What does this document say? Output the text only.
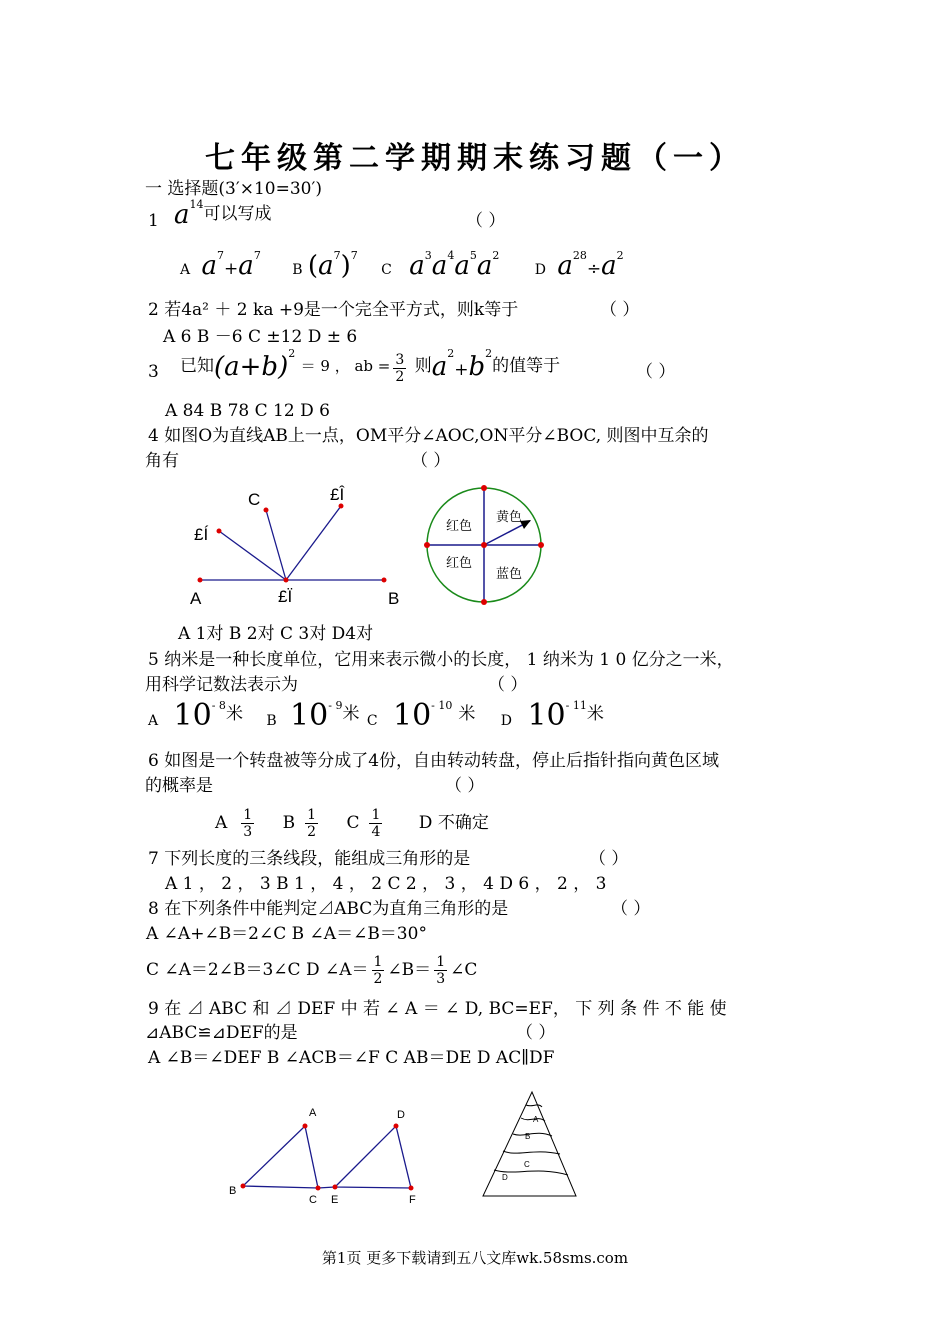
七年级第二学期期末练习题（一）
一 选择题(3′×10=30′)
1 $a^{14}$可以写成	（ ）
A $a^7+a^7$ B $(a^7)^7$ C $a^3a^4a^5a^2$ D $a^{28}\div a^2$
2 若4a² ＋ 2 ka +9是一个完全平方式，则k等于	（ ）
A 6 B －6 C ±12 D ± 6
3 已知$(a+b)^2 = 9$ ， ab = $\frac{3}{2}$ 则$a^2+b^2$的值等于	（ ）
A 84 B 78 C 12 D 6
4 如图O为直线AB上一点，OM平分∠AOC,ON平分∠BOC, 则图中互余的
角有	（ ）
C	£Î
£Í
A	£Ï	B
红色
黄色
红色
蓝色
A 1对 B 2对 C 3对 D4对
5 纳米是一种长度单位，它用来表示微小的长度， 1 纳米为 1 0 亿分之一米，
用科学记数法表示为	（ ）
A $10^{- 8}$米 B $10^{- 9}$米 C $10^{- 10}$ 米 D $10^{- 11}$米
6 如图是一个转盘被等分成了4份，自由转动转盘，停止后指针指向黄色区域
的概率是	（ ）
A $\frac{1}{3}$ B $\frac{1}{2}$ C $\frac{1}{4}$ D 不确定
7 下列长度的三条线段，能组成三角形的是	（ ）
A 1 ， 2 ， 3 B 1 ， 4 ， 2 C 2 ， 3 ， 4 D 6 ， 2 ， 3
8 在下列条件中能判定⊿ABC为直角三角形的是	（ ）
A ∠A+∠B＝2∠C B ∠A＝∠B＝30°
C ∠A＝2∠B＝3∠C D ∠A＝ $\frac{1}{2}$ ∠B＝ $\frac{1}{3}$ ∠C
9 在 ⊿ ABC 和 ⊿ DEF 中 若 ∠ A ＝ ∠ D, BC=EF， 下 列 条 件 不 能 使
⊿ABC≌⊿DEF的是	（ ）
A ∠B＝∠DEF B ∠ACB＝∠F C AB＝DE D AC∥DF
A
B
C
D
E	F
A
B
C
D
第1页 更多下载请到五八文库wk.58sms.com
